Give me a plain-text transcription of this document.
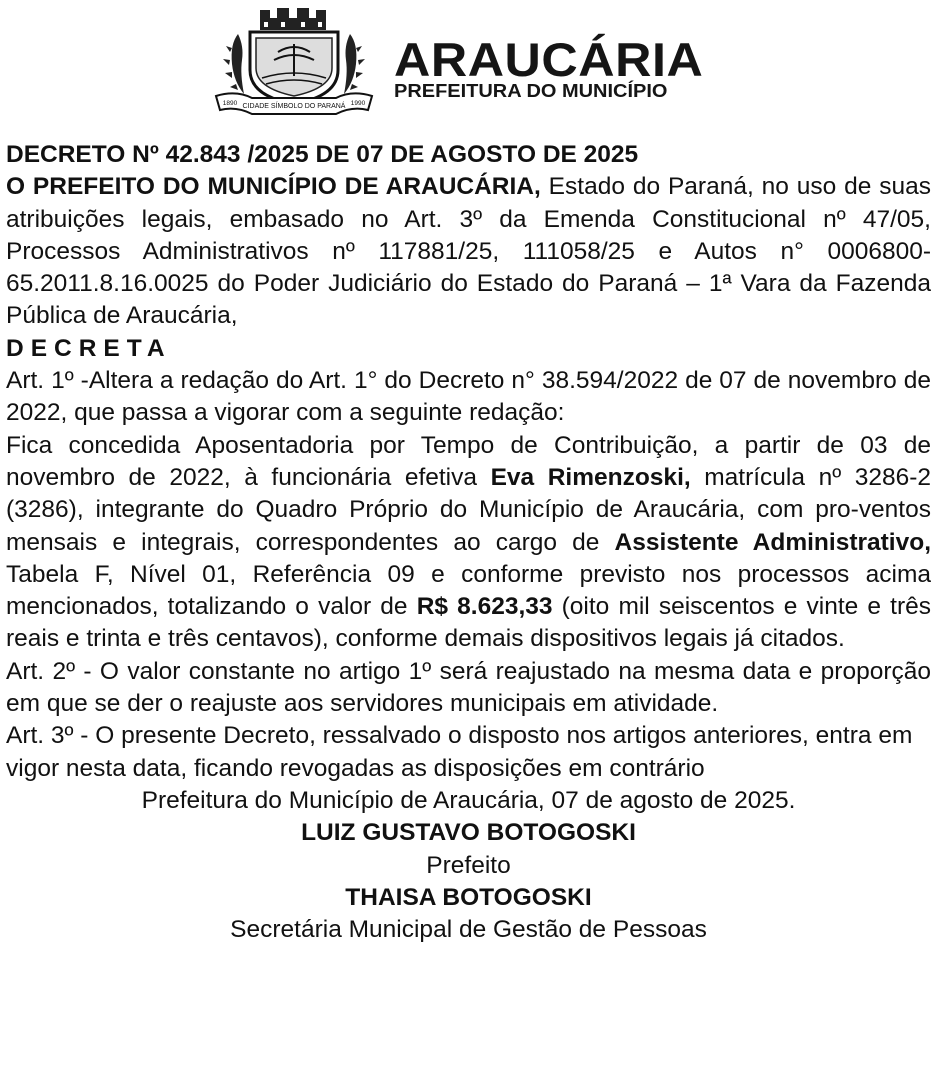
CIDADE SÍMBOLO DO PARANÁ
1890	1990
ARAUCÁRIA
PREFEITURA DO MUNICÍPIO

DECRETO Nº 42.843 /2025 DE 07 DE AGOSTO DE 2025

O PREFEITO DO MUNICÍPIO DE ARAUCÁRIA, Estado do Paraná, no uso de suas atribuições legais, embasado no Art. 3º da Emenda Constitucional nº 47/05, Processos Administrativos nº 117881/25, 111058/25 e Autos n° 0006800- 65.2011.8.16.0025 do Poder Judiciário do Estado do Paraná – 1ª Vara da Fazenda Pública de Araucária,

DECRETA

Art. 1º -Altera a redação do Art. 1° do Decreto n° 38.594/2022 de 07 de novembro de 2022, que passa a vigorar com a seguinte redação:

Fica concedida Aposentadoria por Tempo de Contribuição, a partir de 03 de novembro de 2022, à funcionária efetiva Eva Rimenzoski, matrícula nº 3286-2 (3286), integrante do Quadro Próprio do Município de Araucária, com pro-ventos mensais e integrais, correspondentes ao cargo de Assistente Administrativo, Tabela F, Nível 01, Referência 09 e conforme previsto nos processos acima mencionados, totalizando o valor de R$ 8.623,33 (oito mil seiscentos e vinte e três reais e trinta e três centavos), conforme demais dispositivos legais já citados.

Art. 2º - O valor constante no artigo 1º será reajustado na mesma data e proporção em que se der o reajuste aos servidores municipais em atividade.

Art. 3º - O presente Decreto, ressalvado o disposto nos artigos anteriores, entra em vigor nesta data, ficando revogadas as disposições em contrário

Prefeitura do Município de Araucária, 07 de agosto de 2025.

LUIZ GUSTAVO BOTOGOSKI

Prefeito

THAISA BOTOGOSKI

Secretária Municipal de Gestão de Pessoas
